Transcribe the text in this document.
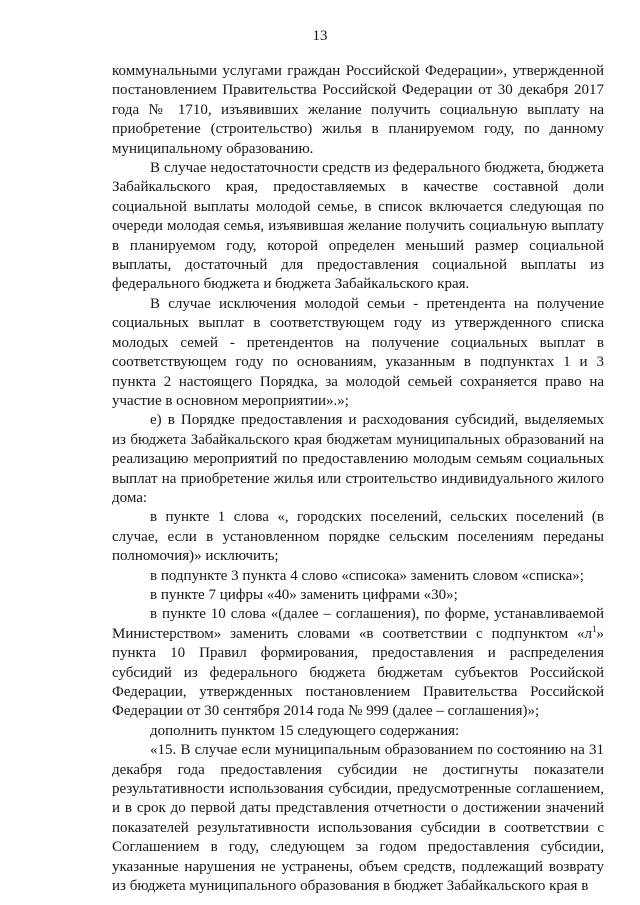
13

коммунальными услугами граждан Российской Федерации», утвержденной постановлением Правительства Российской Федерации от 30 декабря 2017 года № 1710, изъявивших желание получить социальную выплату на приобретение (строительство) жилья в планируемом году, по данному муниципальному образованию.

В случае недостаточности средств из федерального бюджета, бюджета Забайкальского края, предоставляемых в качестве составной доли социальной выплаты молодой семье, в список включается следующая по очереди молодая семья, изъявившая желание получить социальную выплату в планируемом году, которой определен меньший размер социальной выплаты, достаточный для предоставления социальной выплаты из федерального бюджета и бюджета Забайкальского края.

В случае исключения молодой семьи - претендента на получение социальных выплат в соответствующем году из утвержденного списка молодых семей - претендентов на получение социальных выплат в соответствующем году по основаниям, указанным в подпунктах 1 и 3 пункта 2 настоящего Порядка, за молодой семьей сохраняется право на участие в основном мероприятии».»;

е) в Порядке предоставления и расходования субсидий, выделяемых из бюджета Забайкальского края бюджетам муниципальных образований на реализацию мероприятий по предоставлению молодым семьям социальных выплат на приобретение жилья или строительство индивидуального жилого дома:

в пункте 1 слова «, городских поселений, сельских поселений (в случае, если в установленном порядке сельским поселениям переданы полномочия)» исключить;

в подпункте 3 пункта 4 слово «списока» заменить словом «списка»;

в пункте 7 цифры «40» заменить цифрами «30»;

в пункте 10 слова «(далее – соглашения), по форме, устанавливаемой Министерством» заменить словами «в соответствии с подпунктом «$л^1$» пункта 10 Правил формирования, предоставления и распределения субсидий из федерального бюджета бюджетам субъектов Российской Федерации, утвержденных постановлением Правительства Российской Федерации от 30 сентября 2014 года № 999 (далее – соглашения)»;

дополнить пунктом 15 следующего содержания:

«15. В случае если муниципальным образованием по состоянию на 31 декабря года предоставления субсидии не достигнуты показатели результативности использования субсидии, предусмотренные соглашением, и в срок до первой даты представления отчетности о достижении значений показателей результативности использования субсидии в соответствии с Соглашением в году, следующем за годом предоставления субсидии, указанные нарушения не устранены, объем средств, подлежащий возврату из бюджета муниципального образования в бюджет Забайкальского края в
